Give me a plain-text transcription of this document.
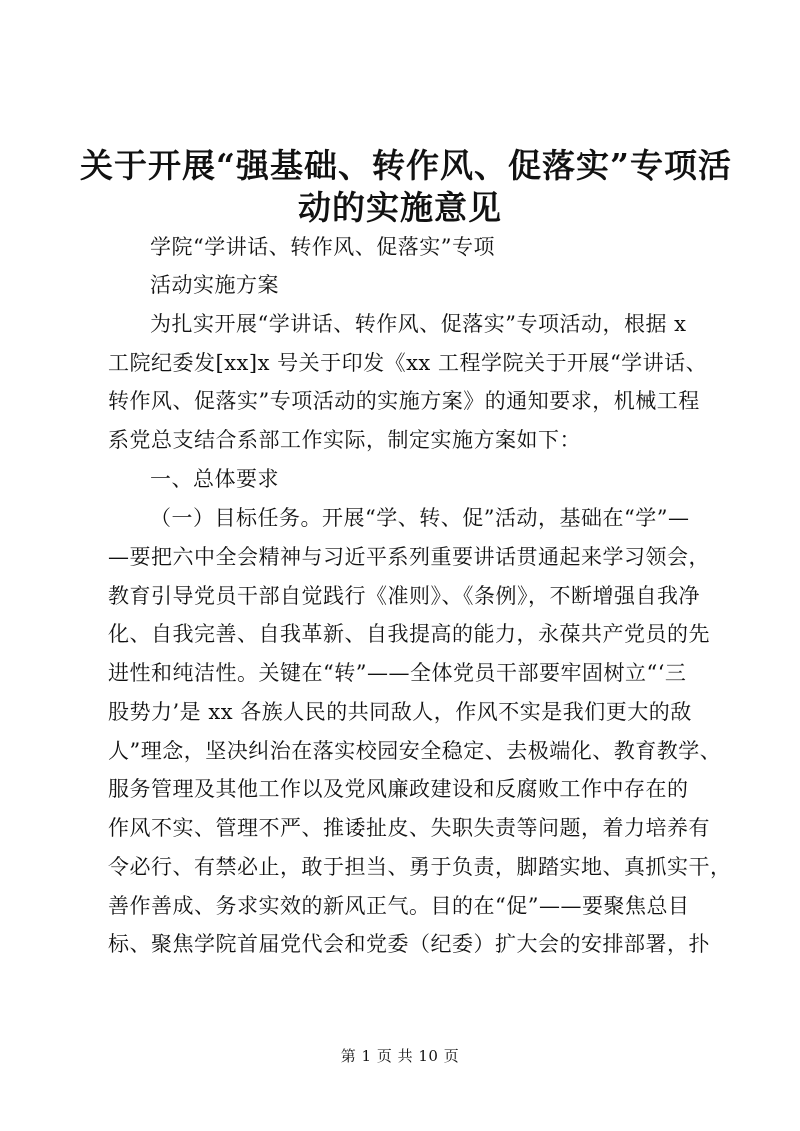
关于开展“强基础、转作风、促落实”专项活
动的实施意见
学院“学讲话、转作风、促落实”专项
活动实施方案
为扎实开展“学讲话、转作风、促落实”专项活动，根据 x
工院纪委发[xx]x 号关于印发《xx 工程学院关于开展“学讲话、
转作风、促落实”专项活动的实施方案》的通知要求，机械工程
系党总支结合系部工作实际，制定实施方案如下：
一、总体要求
（一）目标任务。开展“学、转、促”活动，基础在“学”—
—要把六中全会精神与习近平系列重要讲话贯通起来学习领会，
教育引导党员干部自觉践行《准则》、《条例》，不断增强自我净
化、自我完善、自我革新、自我提高的能力，永葆共产党员的先
进性和纯洁性。关键在“转”——全体党员干部要牢固树立“‘三
股势力’是 xx 各族人民的共同敌人，作风不实是我们更大的敌
人”理念，坚决纠治在落实校园安全稳定、去极端化、教育教学、
服务管理及其他工作以及党风廉政建设和反腐败工作中存在的
作风不实、管理不严、推诿扯皮、失职失责等问题，着力培养有
令必行、有禁必止，敢于担当、勇于负责，脚踏实地、真抓实干，
善作善成、务求实效的新风正气。目的在“促”——要聚焦总目
标、聚焦学院首届党代会和党委（纪委）扩大会的安排部署，扑
第 1 页 共 10 页
